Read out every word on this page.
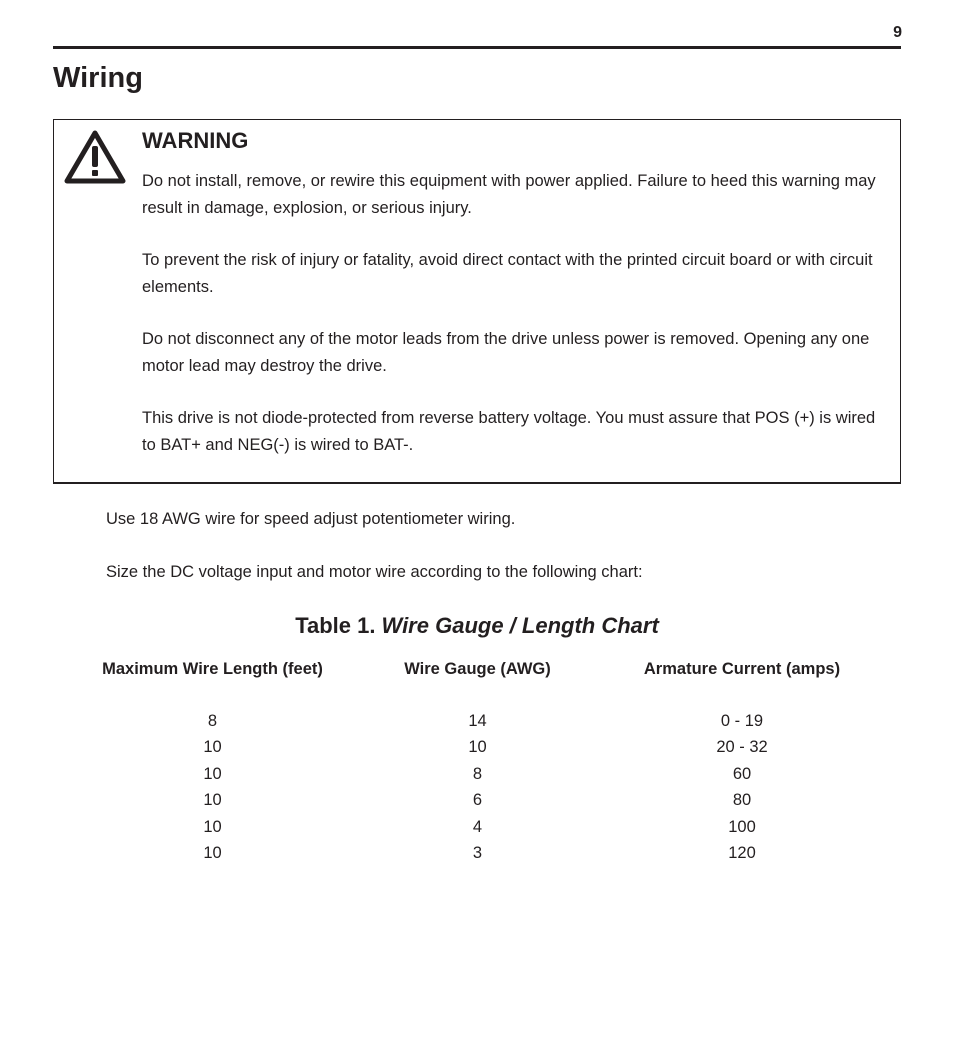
9
Wiring
WARNING

Do not install, remove, or rewire this equipment with power applied. Failure to heed this warning may result in damage, explosion, or serious injury.

To prevent the risk of injury or fatality, avoid direct contact with the printed circuit board or with circuit elements.

Do not disconnect any of the motor leads from the drive unless power is removed. Opening any one motor lead may destroy the drive.

This drive is not diode-protected from reverse battery voltage. You must assure that POS (+) is wired to BAT+ and NEG(-) is wired to BAT-.

Use 18 AWG wire for speed adjust potentiometer wiring.

Size the DC voltage input and motor wire according to the following chart:

Table 1. Wire Gauge / Length Chart
Maximum Wire Length (feet)	Wire Gauge (AWG)	Armature Current (amps)

8	14	0 - 19
10	10	20 - 32
10	8	60
10	6	80
10	4	100
10	3	120
